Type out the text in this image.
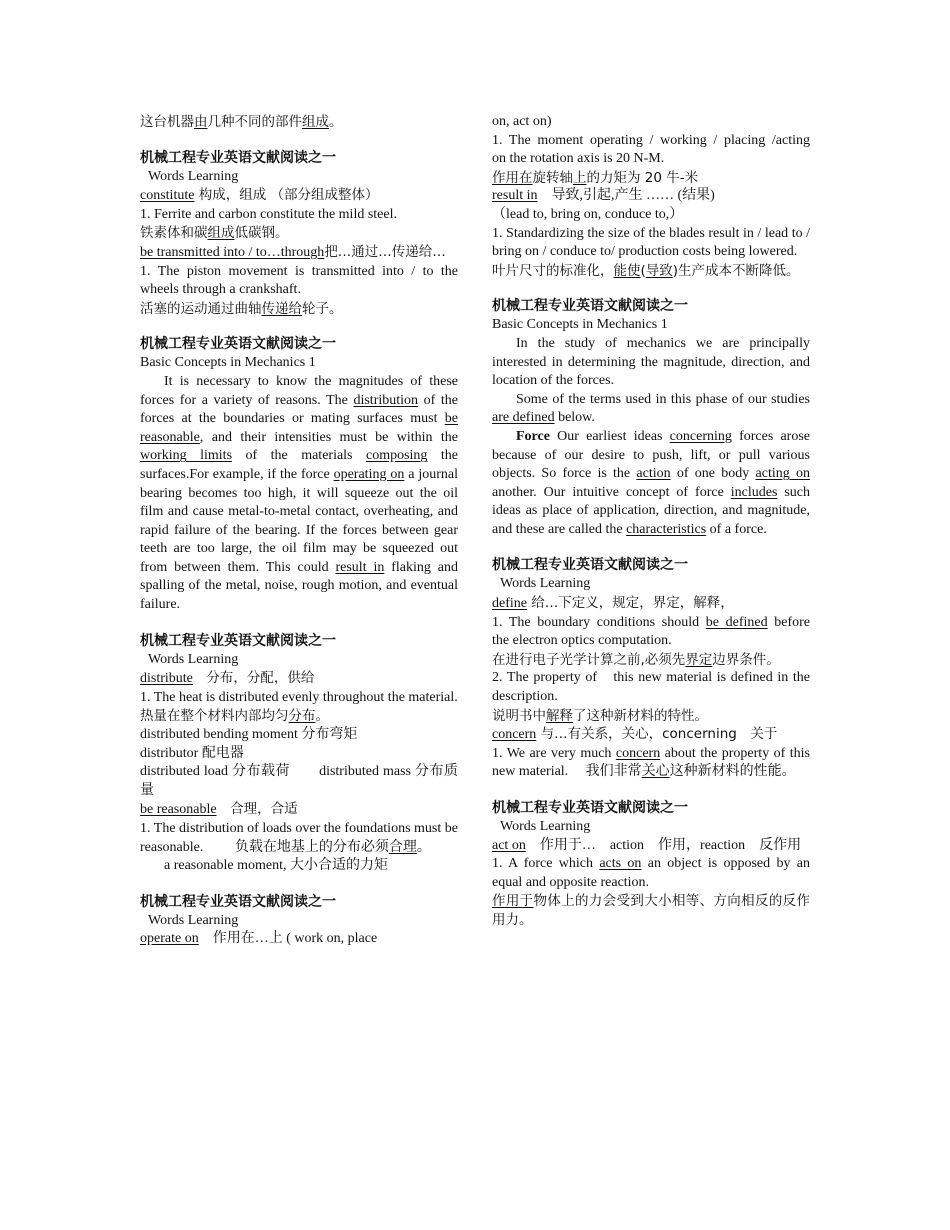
这台机器由几种不同的部件组成。

机械工程专业英语文献阅读之一

Words Learning

constitute 构成，组成 （部分组成整体）

1. Ferrite and carbon constitute the mild steel.

铁素体和碳组成低碳钢。

be transmitted into / to…through把…通过…传递给…

1. The piston movement is transmitted into / to the wheels through a crankshaft.

活塞的运动通过曲轴传递给轮子。

机械工程专业英语文献阅读之一

Basic Concepts in Mechanics 1

It is necessary to know the magnitudes of these forces for a variety of reasons. The distribution of the forces at the boundaries or mating surfaces must be reasonable, and their intensities must be within the working limits of the materials composing the surfaces.For example, if the force operating on a journal bearing becomes too high, it will squeeze out the oil film and cause metal-to-metal contact, overheating, and rapid failure of the bearing. If the forces between gear teeth are too large, the oil film may be squeezed out from between them. This could result in flaking and spalling of the metal, noise, rough motion, and eventual failure.

机械工程专业英语文献阅读之一

Words Learning

distribute　分布，分配，供给

1. The heat is distributed evenly throughout the material.

热量在整个材料内部均匀分布。

distributed bending moment 分布弯矩

distributor 配电器

distributed load 分布载荷　　distributed mass 分布质量

be reasonable　合理，合适

1. The distribution of loads over the foundations must be reasonable.　　 负载在地基上的分布必须合理。

a reasonable moment, 大小合适的力矩

机械工程专业英语文献阅读之一

Words Learning

operate on　作用在…上 ( work on, place

on, act on)

1. The moment operating / working / placing /acting　on the rotation axis is 20 N-M.

作用在旋转轴上的力矩为 20 牛-米

result in　导致,引起,产生 …… (结果)

（lead to, bring on, conduce to,）

1. Standardizing the size of the blades result in / lead to / bring on / conduce to/ production costs being lowered.

叶片尺寸的标准化，能使(导致)生产成本不断降低。

机械工程专业英语文献阅读之一

Basic Concepts in Mechanics 1

In the study of mechanics we are principally interested in determining the magnitude, direction, and location of the forces.

Some of the terms used in this phase of our studies are defined below.

Force Our earliest ideas concerning forces arose because of our desire to push, lift, or pull various objects. So force is the action of one body acting on another. Our intuitive concept of force includes such ideas as place of application, direction, and magnitude, and these are called the characteristics of a force.

机械工程专业英语文献阅读之一

Words Learning

define 给…下定义，规定，界定，解释，

1. The boundary conditions should be defined before　the electron optics computation.

在进行电子光学计算之前,必须先界定边界条件。

2. The property of　this new material is defined in the description.

说明书中解释了这种新材料的特性。

concern 与…有关系，关心，concerning　关于

1. We are very much concern about the property of this new material.　 我们非常关心这种新材料的性能。

机械工程专业英语文献阅读之一

Words Learning

act on　作用于…　action　作用，reaction　反作用

1. A force which acts on an object is opposed by an equal and opposite reaction.

作用于物体上的力会受到大小相等、方向相反的反作用力。
